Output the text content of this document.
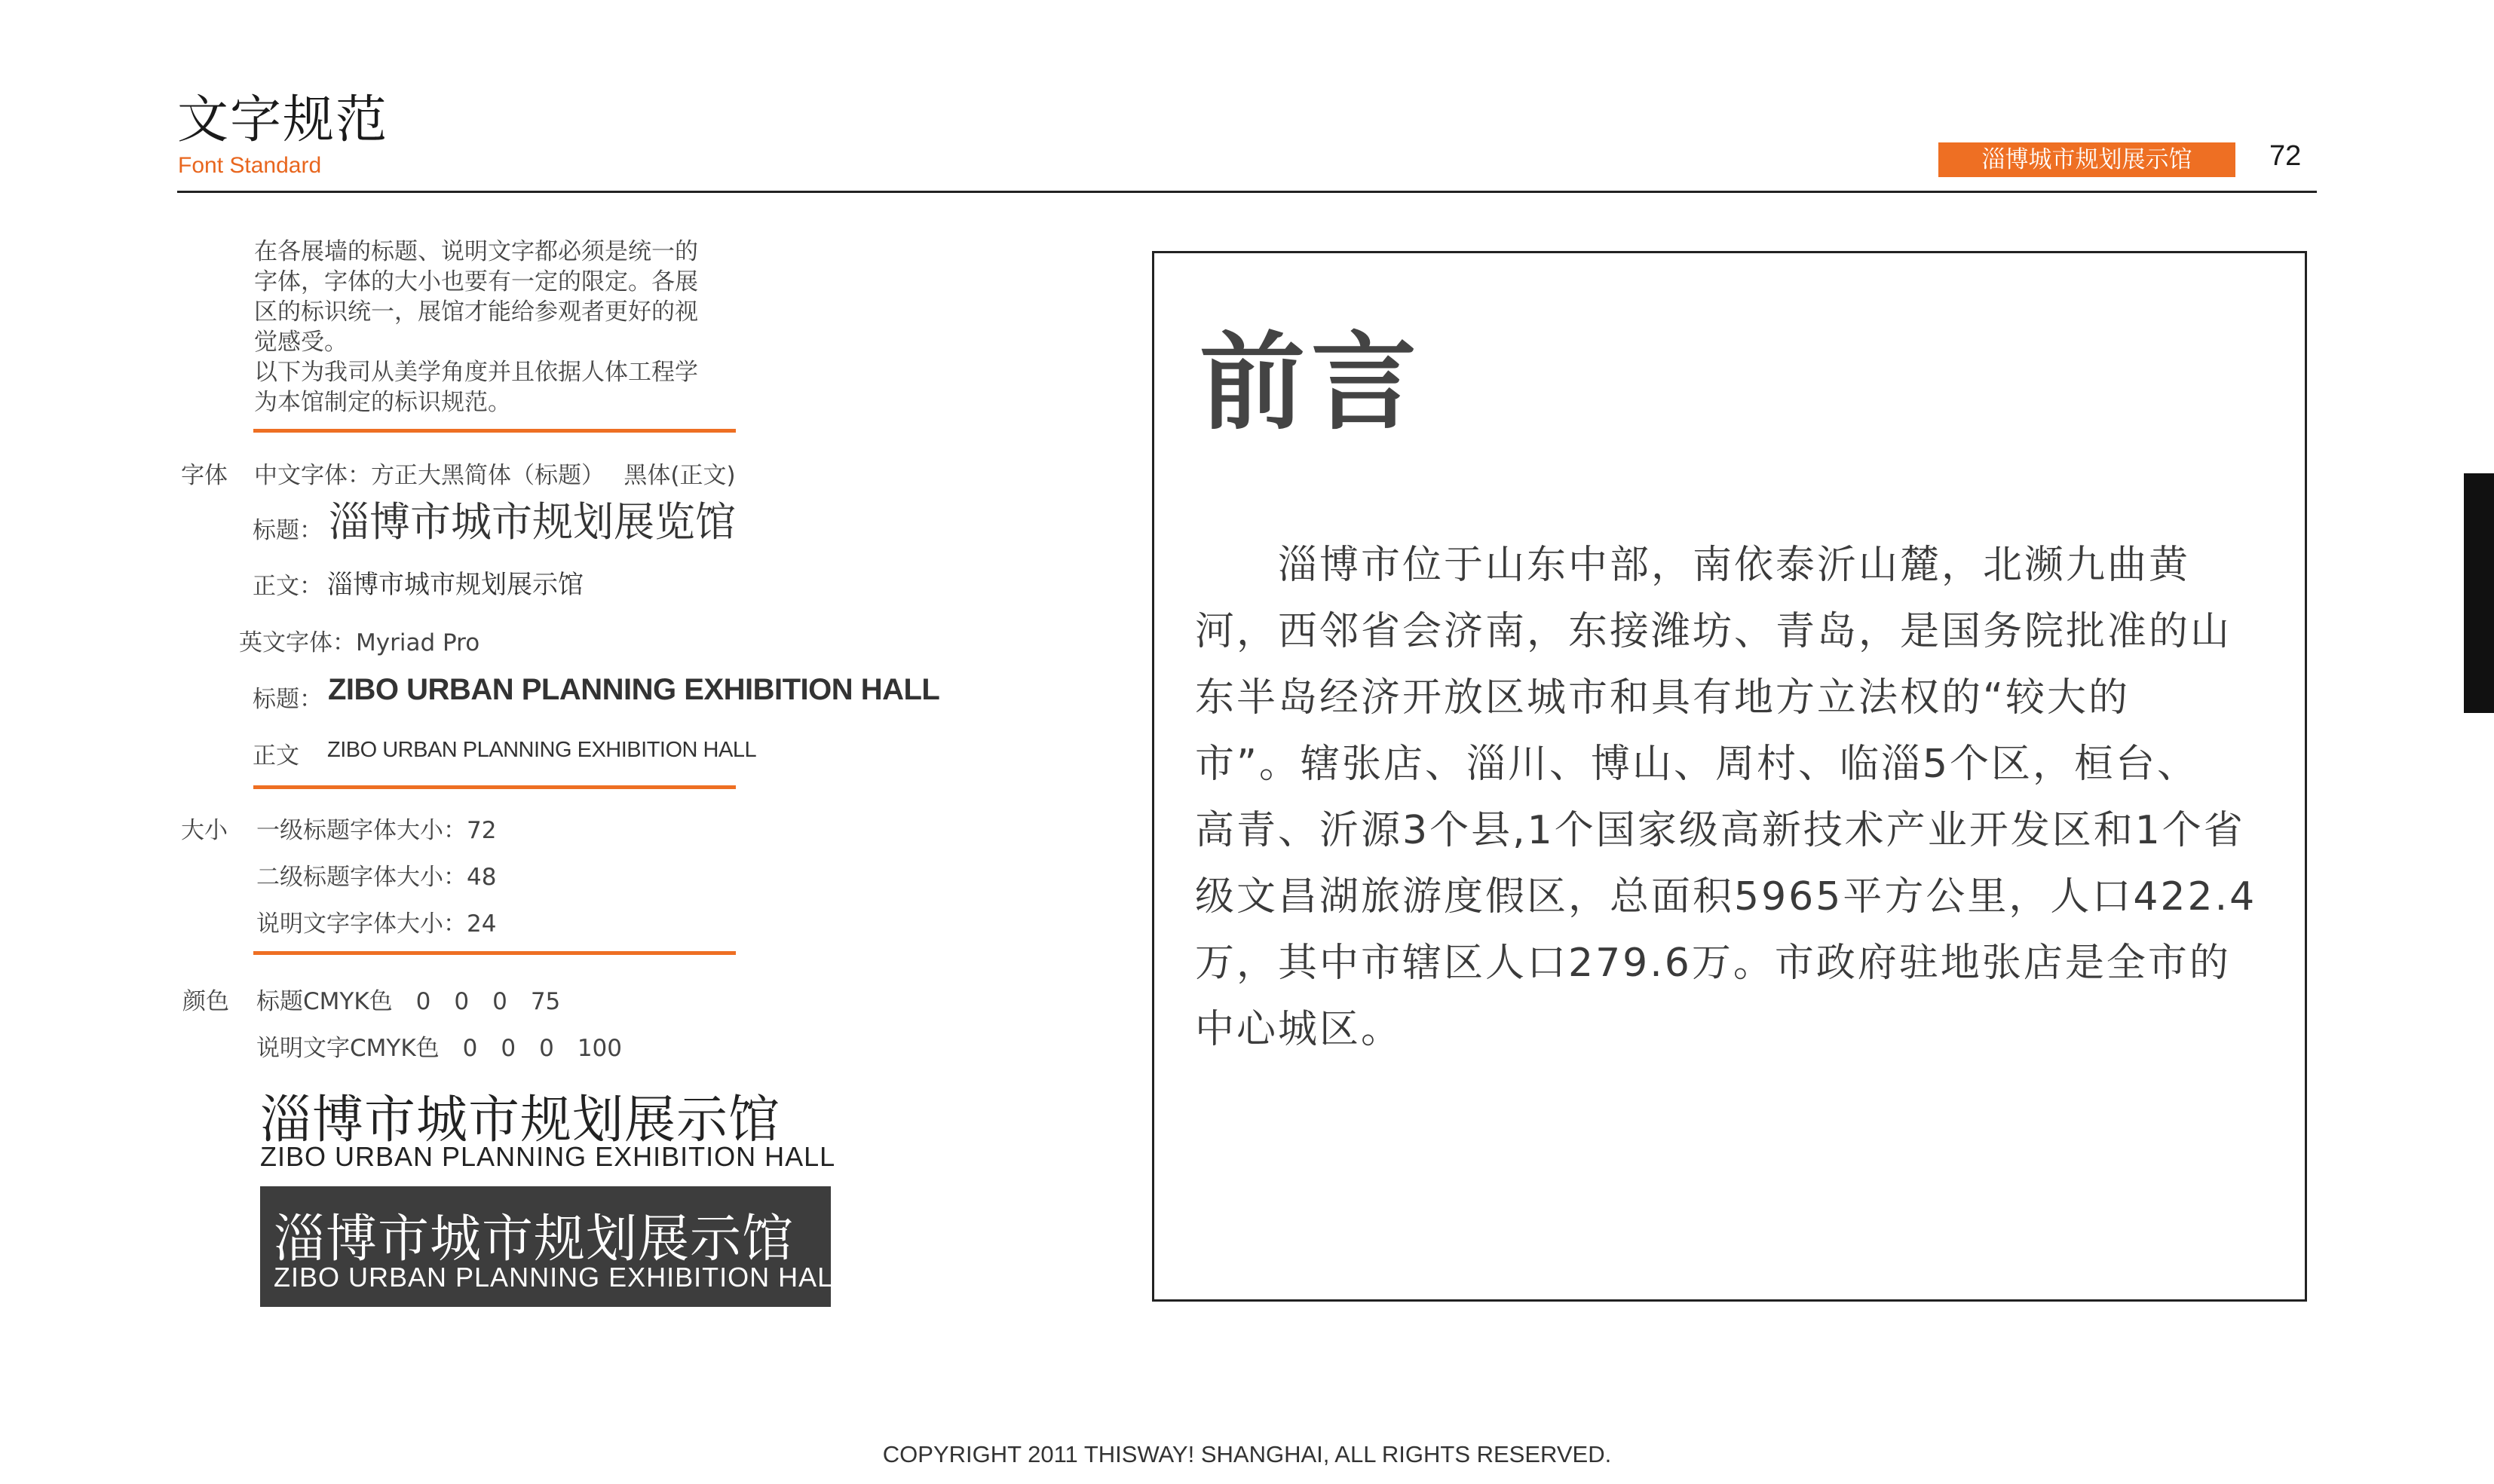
文字规范
Font Standard	淄博城市规划展示馆	72
在各展墙的标题、说明文字都必须是统一的
字体，字体的大小也要有一定的限定。各展
区的标识统一，展馆才能给参观者更好的视
觉感受。
以下为我司从美学角度并且依据人体工程学
为本馆制定的标识规范。
字体 中文字体：方正大黑简体（标题）　 黑体(正文)
标题： 淄博市城市规划展览馆
正文： 淄博市城市规划展示馆
英文字体：Myriad Pro
标题： ZIBO URBAN PLANNING EXHIBITION HALL
正文 ZIBO URBAN PLANNING EXHIBITION HALL
大小 一级标题字体大小：72
二级标题字体大小：48
说明文字字体大小：24
颜色 标题CMYK色　0　0　0　75
说明文字CMYK色　0　0　0　100
淄博市城市规划展示馆
ZIBO URBAN PLANNING EXHIBITION HALL
淄博市城市规划展示馆
ZIBO URBAN PLANNING EXHIBITION HALL
前言
　　淄博市位于山东中部，南依泰沂山麓，北濒九曲黄
河，西邻省会济南，东接潍坊、青岛，是国务院批准的山
东半岛经济开放区城市和具有地方立法权的“较大的
市”。辖张店、淄川、博山、周村、临淄5个区，桓台、
高青、沂源3个县,1个国家级高新技术产业开发区和1个省
级文昌湖旅游度假区，总面积5965平方公里，人口422.4
万，其中市辖区人口279.6万。市政府驻地张店是全市的
中心城区。
COPYRIGHT 2011 THISWAY! SHANGHAI, ALL RIGHTS RESERVED.
